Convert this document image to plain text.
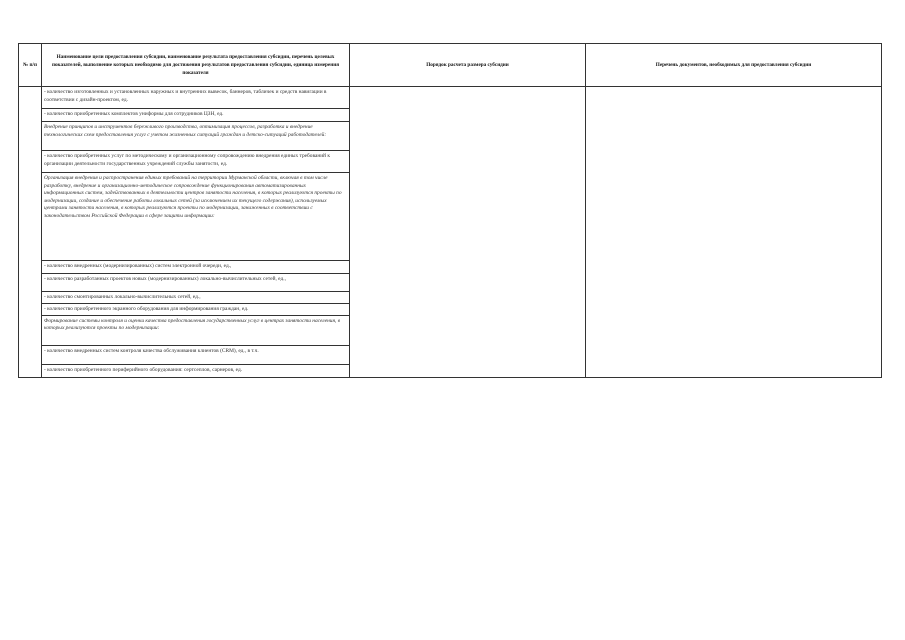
№ п/п	Наименование цели предоставления субсидии, наименование результата предоставления субсидии, перечень целевых показателей, выполнение которых необходимо для достижения результатов предоставления субсидии, единица измерения показателя	Порядок расчета размера субсидии	Перечень документов, необходимых для предоставления субсидии

- количество изготовленных и установленных наружных и внутренних вывесок, баннеров, табличек и средств навигации в соответствии с дизайн-проектом, ед.
- количество приобретенных комплектов униформы для сотрудников ЦЗН, ед.
Внедрение принципов и инструментов бережливого производства, оптимизация процессов, разработка и внедрение технологических схем предоставления услуг с учетом жизненных ситуаций граждан и детско-ситуаций работодателей:
- количество приобретенных услуг по методическому и организационному сопровождению внедрения единых требований к организации деятельности государственных учреждений службы занятости, ед.
Организация внедрения и распространения единых требований на территории Мурманской области, включая в том числе разработку, внедрение и организационно-методическое сопровождение функционирования автоматизированных информационных систем, задействованных в деятельности центров занятости населения, в которых реализуются проекты по модернизации, создание и обеспечение работы локальных сетей (за исключением их текущего содержания), используемых центрами занятости населения, в которых реализуются проекты по модернизации, заниженных в соответствии с законодательством Российской Федерации в сфере защиты информации:
- количество внедренных (модернизированных) систем электронной очереди, ед.,
- количество разработанных проектов новых (модернизированных) локально-вычислительных сетей, ед.,
- количество смонтированных локально-вычислительных сетей, ед.,
- количество приобретенного экранного оборудования для информирования граждан, ед.
Формирование системы контроля и оценки качества предоставления государственных услуг в центрах занятости населения, в которых реализуются проекты по модернизации:
- количество внедренных систем контроля качества обслуживания клиентов (CRM), ед., в т.ч.
- количество приобретенного периферийного оборудования: сертсеплов, сарнеров, ед.
